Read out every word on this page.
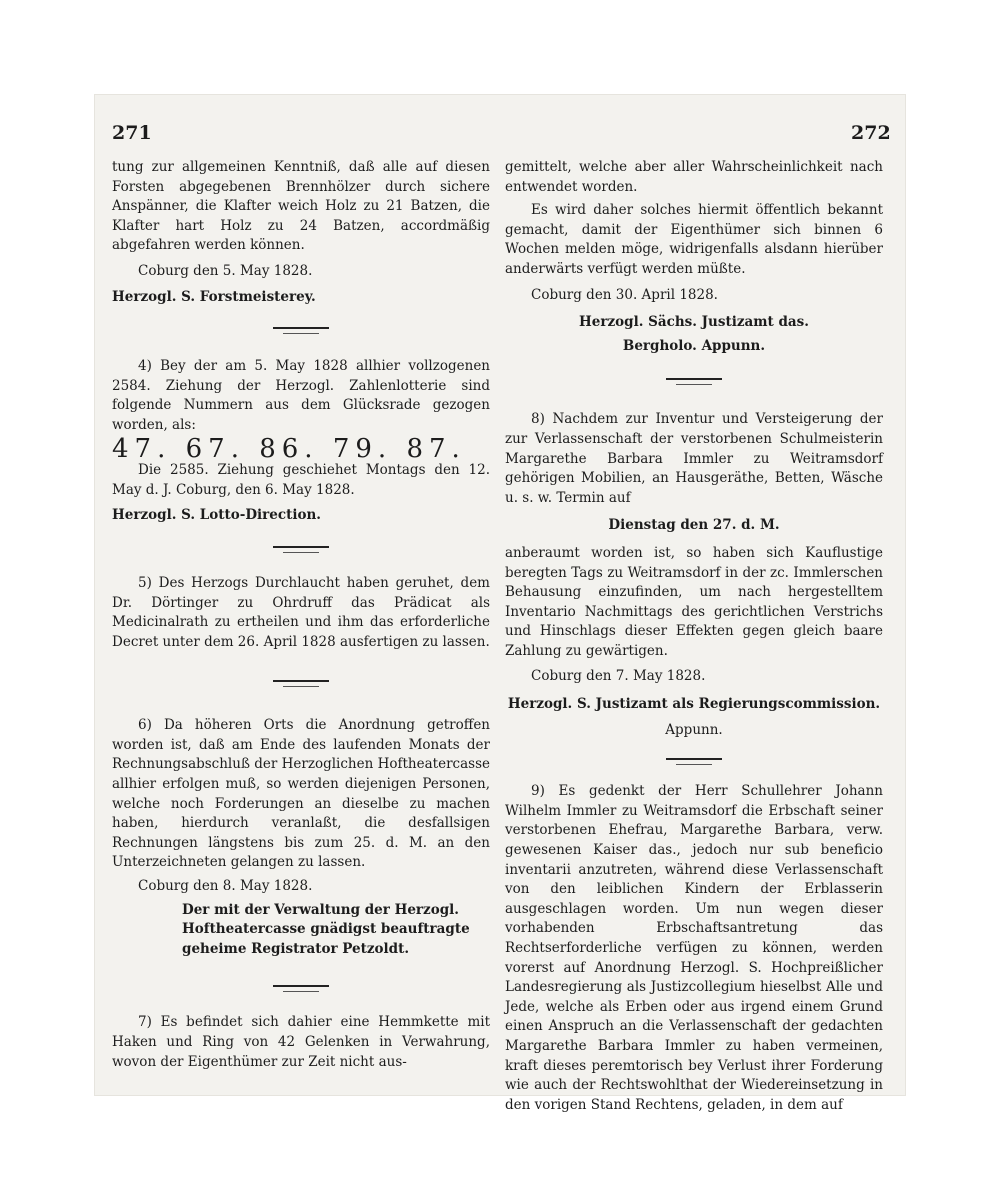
271	272

tung zur allgemeinen Kenntniß, daß alle auf diesen Forsten abgegebenen Brennhölzer durch sichere Anspänner, die Klafter weich Holz zu 21 Batzen, die Klafter hart Holz zu 24 Batzen, accordmäßig abgefahren werden können.

Coburg den 5. May 1828.

Herzogl. S. Forstmeisterey.

4) Bey der am 5. May 1828 allhier vollzogenen 2584. Ziehung der Herzogl. Zahlenlotterie sind folgende Nummern aus dem Glücksrade gezogen worden, als:

47. 67. 86. 79. 87.

Die 2585. Ziehung geschiehet Montags den 12. May d. J. Coburg, den 6. May 1828.

Herzogl. S. Lotto-Direction.

5) Des Herzogs Durchlaucht haben geruhet, dem Dr. Dörtinger zu Ohrdruff das Prädicat als Medicinalrath zu ertheilen und ihm das erforderliche Decret unter dem 26. April 1828 ausfertigen zu lassen.

6) Da höheren Orts die Anordnung getroffen worden ist, daß am Ende des laufenden Monats der Rechnungsabschluß der Herzoglichen Hoftheatercasse allhier erfolgen muß, so werden diejenigen Personen, welche noch Forderungen an dieselbe zu machen haben, hierdurch veranlaßt, die desfallsigen Rechnungen längstens bis zum 25. d. M. an den Unterzeichneten gelangen zu lassen.

Coburg den 8. May 1828.

Der mit der Verwaltung der Herzogl. Hoftheatercasse gnädigst beauftragte geheime Registrator Petzoldt.

7) Es befindet sich dahier eine Hemmkette mit Haken und Ring von 42 Gelenken in Verwahrung, wovon der Eigenthümer zur Zeit nicht aus-

gemittelt, welche aber aller Wahrscheinlichkeit nach entwendet worden.

Es wird daher solches hiermit öffentlich bekannt gemacht, damit der Eigenthümer sich binnen 6 Wochen melden möge, widrigenfalls alsdann hierüber anderwärts verfügt werden müßte.

Coburg den 30. April 1828.

Herzogl. Sächs. Justizamt das.

Bergholo. Appunn.

8) Nachdem zur Inventur und Versteigerung der zur Verlassenschaft der verstorbenen Schulmeisterin Margarethe Barbara Immler zu Weitramsdorf gehörigen Mobilien, an Hausgeräthe, Betten, Wäsche u. s. w. Termin auf

Dienstag den 27. d. M.

anberaumt worden ist, so haben sich Kauflustige beregten Tags zu Weitramsdorf in der zc. Immlerschen Behausung einzufinden, um nach hergestelltem Inventario Nachmittags des gerichtlichen Verstrichs und Hinschlags dieser Effekten gegen gleich baare Zahlung zu gewärtigen.

Coburg den 7. May 1828.

Herzogl. S. Justizamt als Regierungscommission.

Appunn.

9) Es gedenkt der Herr Schullehrer Johann Wilhelm Immler zu Weitramsdorf die Erbschaft seiner verstorbenen Ehefrau, Margarethe Barbara, verw. gewesenen Kaiser das., jedoch nur sub beneficio inventarii anzutreten, während diese Verlassenschaft von den leiblichen Kindern der Erblasserin ausgeschlagen worden. Um nun wegen dieser vorhabenden Erbschaftsantretung das Rechtserforderliche verfügen zu können, werden vorerst auf Anordnung Herzogl. S. Hochpreißlicher Landesregierung als Justizcollegium hieselbst Alle und Jede, welche als Erben oder aus irgend einem Grund einen Anspruch an die Verlassenschaft der gedachten Margarethe Barbara Immler zu haben vermeinen, kraft dieses peremtorisch bey Verlust ihrer Forderung wie auch der Rechtswohlthat der Wiedereinsetzung in den vorigen Stand Rechtens, geladen, in dem auf
